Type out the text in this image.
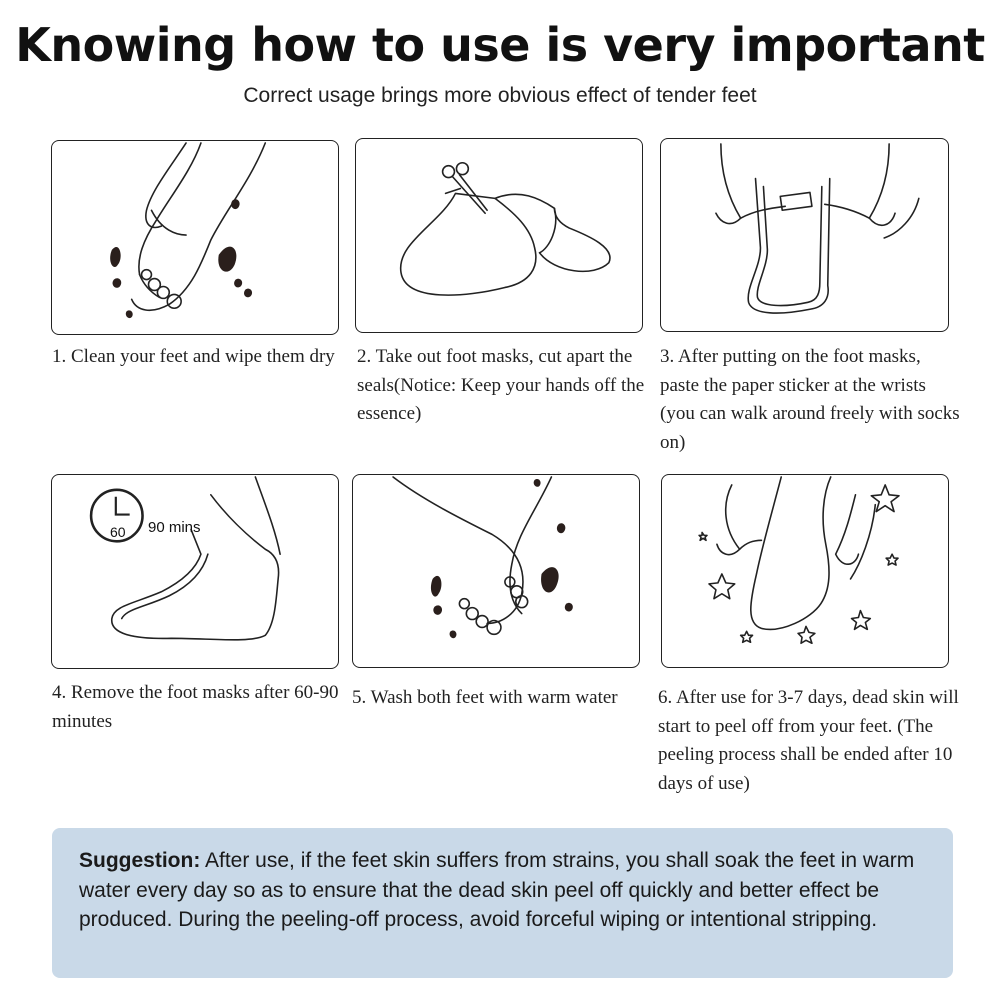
Knowing how to use is very important
Correct usage brings more obvious effect of tender feet
1. Clean your feet and wipe them dry 2. Take out foot masks, cut apart the seals(Notice: Keep your hands off the essence)
3. After putting on the foot masks, paste the paper sticker at the wrists (you can walk around freely with socks on)
60 90 mins
4. Remove the foot masks after 60-90 minutes
5. Wash both feet with warm water	6. After use for 3-7 days, dead skin will start to peel off from your feet. (The peeling process shall be ended after 10 days of use)
Suggestion: After use, if the feet skin suffers from strains, you shall soak the feet in warm water every day so as to ensure that the dead skin peel off quickly and better effect be produced. During the peeling-off process, avoid forceful wiping or intentional stripping.
